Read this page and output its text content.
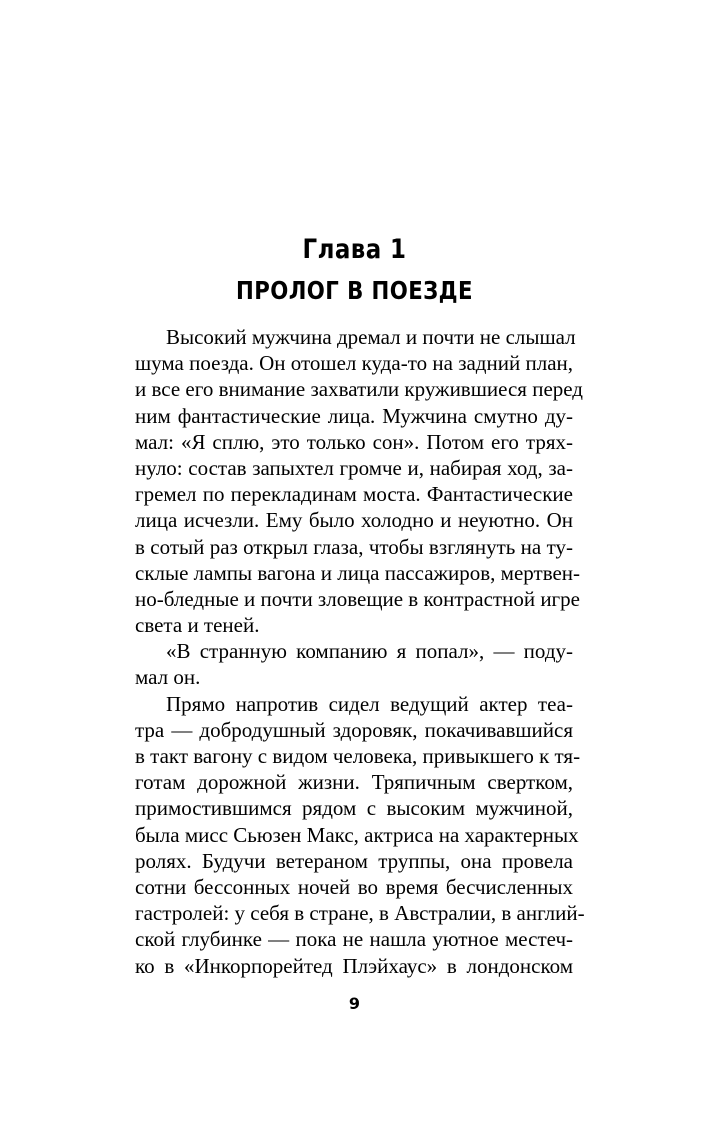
Глава 1
ПРОЛОГ В ПОЕЗДЕ
Высокий мужчина дремал и почти не слышал
шума поезда. Он отошел куда-то на задний план,
и все его внимание захватили кружившиеся перед
ним фантастические лица. Мужчина смутно ду-
мал: «Я сплю, это только сон». Потом его трях-
нуло: состав запыхтел громче и, набирая ход, за-
гремел по перекладинам моста. Фантастические
лица исчезли. Ему было холодно и неуютно. Он
в сотый раз открыл глаза, чтобы взглянуть на ту-
склые лампы вагона и лица пассажиров, мертвен-
но-бледные и почти зловещие в контрастной игре
света и теней.
«В странную компанию я попал», — поду-
мал он.
Прямо напротив сидел ведущий актер теа-
тра — добродушный здоровяк, покачивавшийся
в такт вагону с видом человека, привыкшего к тя-
готам дорожной жизни. Тряпичным свертком,
примостившимся рядом с высоким мужчиной,
была мисс Сьюзен Макс, актриса на характерных
ролях. Будучи ветераном труппы, она провела
сотни бессонных ночей во время бесчисленных
гастролей: у себя в стране, в Австралии, в англий-
ской глубинке — пока не нашла уютное местеч-
ко в «Инкорпорейтед Плэйхаус» в лондонском
9
